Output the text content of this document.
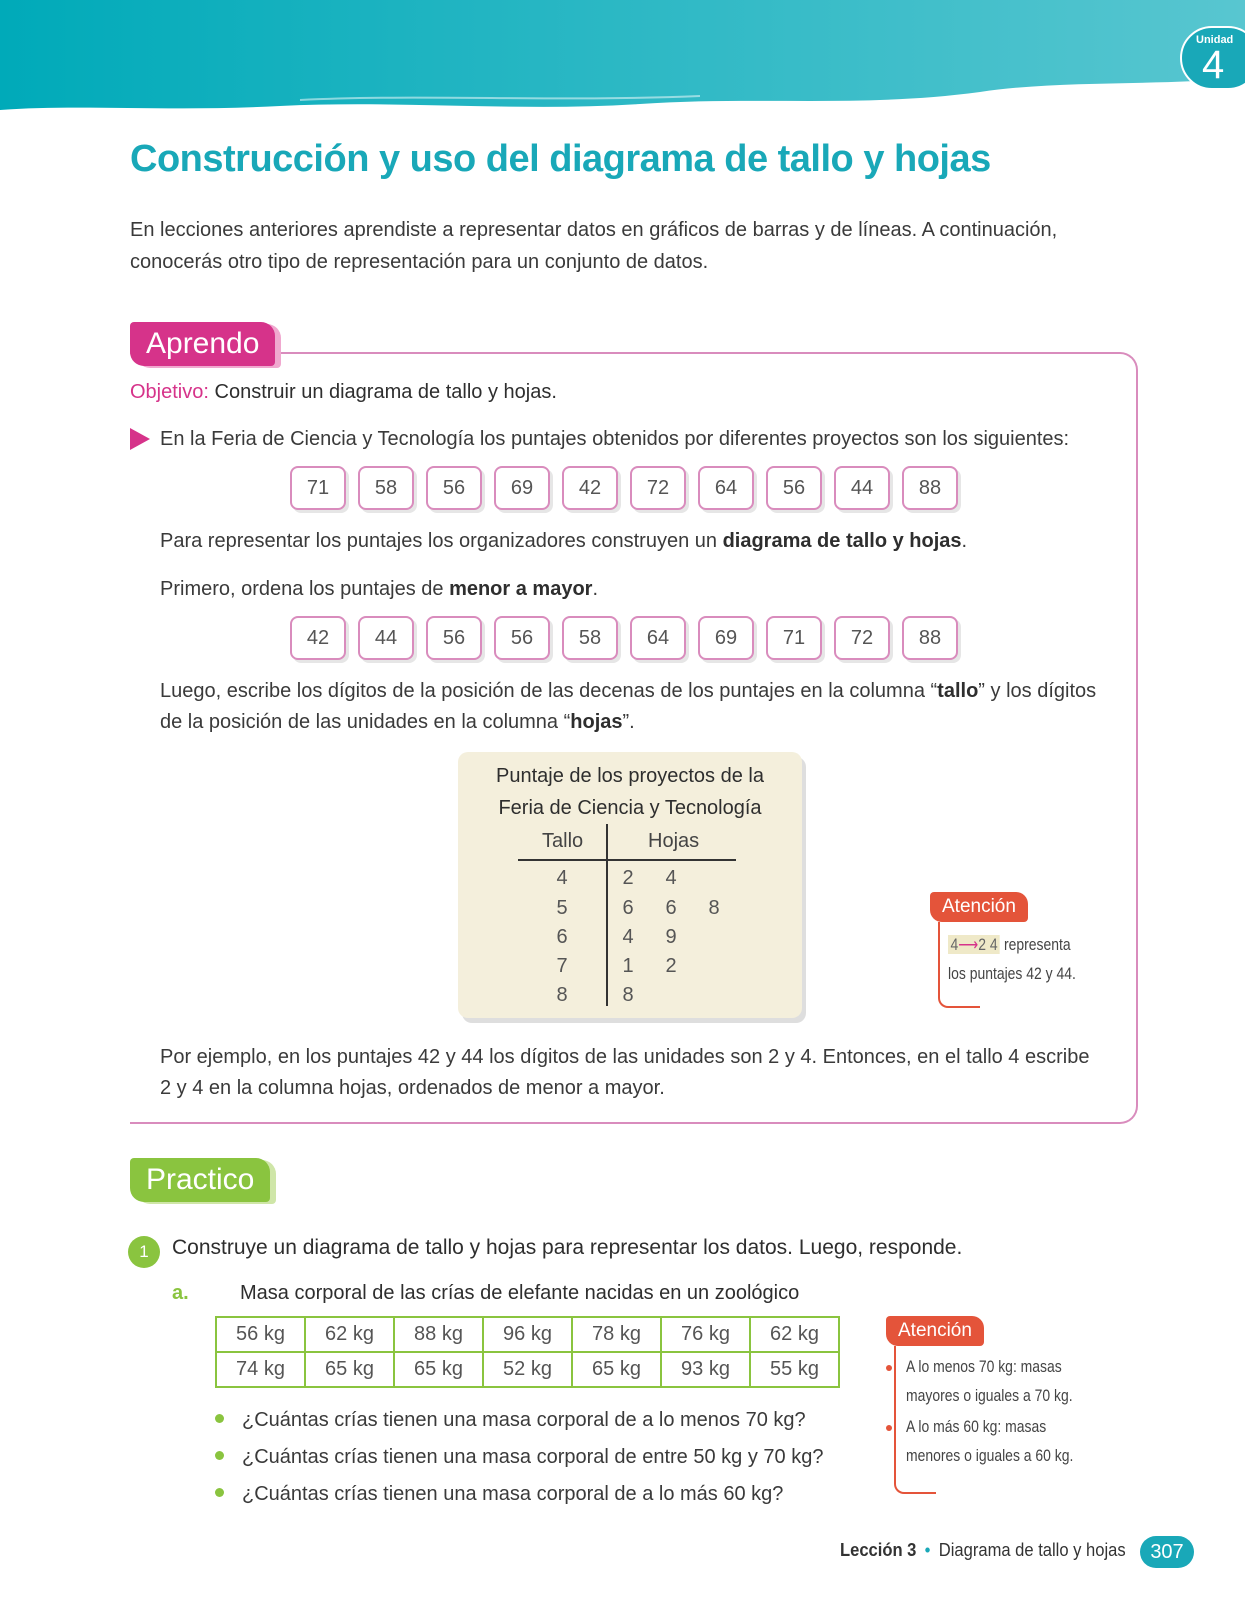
Unidad
4
Construcción y uso del diagrama de tallo y hojas

En lecciones anteriores aprendiste a representar datos en gráficos de barras y de líneas. A continuación, conocerás otro tipo de representación para un conjunto de datos.

Aprendo
Objetivo: Construir un diagrama de tallo y hojas.

En la Feria de Ciencia y Tecnología los puntajes obtenidos por diferentes proyectos son los siguientes:

71	58	56	69	42	72	64	56	44	88

Para representar los puntajes los organizadores construyen un diagrama de tallo y hojas.

Primero, ordena los puntajes de menor a mayor.

42	44	56	56	58	64	69	71	72	88

Luego, escribe los dígitos de la posición de las decenas de los puntajes en la columna “tallo” y los dígitos de la posición de las unidades en la columna “hojas”.

Puntaje de los proyectos de la
Feria de Ciencia y Tecnología
Tallo	Hojas
4	2 4
5	6 6 8
6	4 9
7	1 2
8	8
Atención
4⟶2 4 representa
los puntajes 42 y 44.

Por ejemplo, en los puntajes 42 y 44 los dígitos de las unidades son 2 y 4. Entonces, en el tallo 4 escribe 2 y 4 en la columna hojas, ordenados de menor a mayor.

Practico
1	Construye un diagrama de tallo y hojas para representar los datos. Luego, responde.
a.	Masa corporal de las crías de elefante nacidas en un zoológico
56 kg	62 kg	88 kg	96 kg	78 kg	76 kg	62 kg
74 kg	65 kg	65 kg	52 kg	65 kg	93 kg	55 kg
¿Cuántas crías tienen una masa corporal de a lo menos 70 kg?
¿Cuántas crías tienen una masa corporal de entre 50 kg y 70 kg?
¿Cuántas crías tienen una masa corporal de a lo más 60 kg?
Atención
A lo menos 70 kg: masas
mayores o iguales a 70 kg.
A lo más 60 kg: masas
menores o iguales a 60 kg.
Lección 3 • Diagrama de tallo y hojas	307
